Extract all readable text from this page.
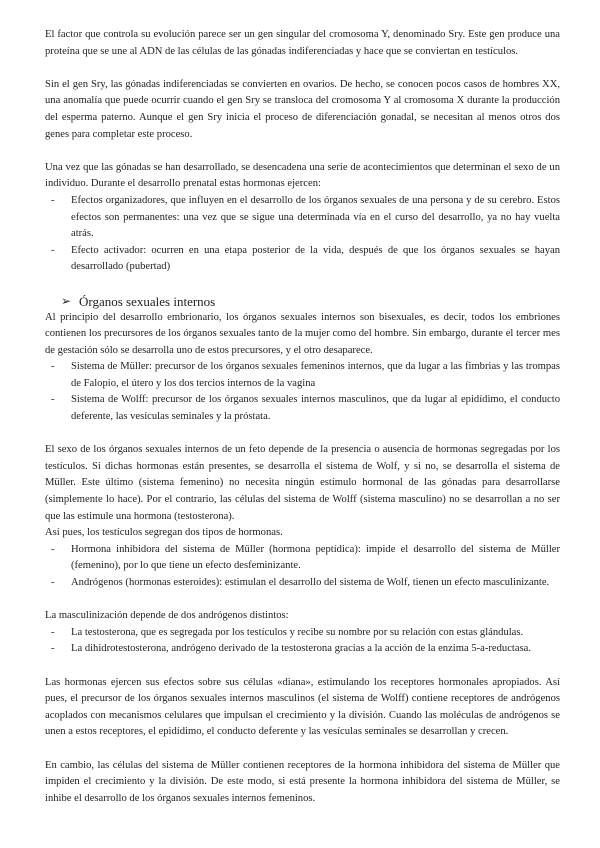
El factor que controla su evolución parece ser un gen singular del cromosoma Y, denominado Sry. Este gen produce una proteína que se une al ADN de las células de las gónadas indiferenciadas y hace que se conviertan en testículos.

Sin el gen Sry, las gónadas indiferenciadas se convierten en ovarios. De hecho, se conocen pocos casos de hombres XX, una anomalía que puede ocurrir cuando el gen Sry se transloca del cromosoma Y al cromosoma X durante la producción del esperma paterno. Aunque el gen Sry inicia el proceso de diferenciación gonadal, se necesitan al menos otros dos genes para completar este proceso.

Una vez que las gónadas se han desarrollado, se desencadena una serie de acontecimientos que determinan el sexo de un individuo. Durante el desarrollo prenatal estas hormonas ejercen:

- Efectos organizadores, que influyen en el desarrollo de los órganos sexuales de una persona y de su cerebro. Estos efectos son permanentes: una vez que se sigue una determinada vía en el curso del desarrollo, ya no hay vuelta atrás.
- Efecto activador: ocurren en una etapa posterior de la vida, después de que los órganos sexuales se hayan desarrollado (pubertad)
➢ Órganos sexuales internos

Al principio del desarrollo embrionario, los órganos sexuales internos son bisexuales, es decir, todos los embriones contienen los precursores de los órganos sexuales tanto de la mujer como del hombre. Sin embargo, durante el tercer mes de gestación sólo se desarrolla uno de estos precursores, y el otro desaparece.

- Sistema de Müller: precursor de los órganos sexuales femeninos internos, que da lugar a las fimbrias y las trompas de Falopio, el útero y los dos tercios internos de la vagina
- Sistema de Wolff: precursor de los órganos sexuales internos masculinos, que da lugar al epidídimo, el conducto deferente, las vesículas seminales y la próstata.

El sexo de los órganos sexuales internos de un feto depende de la presencia o ausencia de hormonas segregadas por los testículos. Si dichas hormonas están presentes, se desarrolla el sistema de Wolf, y si no, se desarrolla el sistema de Müller. Este último (sistema femenino) no necesita ningún estímulo hormonal de las gónadas para desarrollarse (simplemente lo hace). Por el contrario, las células del sistema de Wolff (sistema masculino) no se desarrollan a no ser que las estimule una hormona (testosterona).

Así pues, los testículos segregan dos tipos de hormonas.

- Hormona inhibidora del sistema de Müller (hormona peptídica): impide el desarrollo del sistema de Müller (femenino), por lo que tiene un efecto desfeminizante.
- Andrógenos (hormonas esteroides): estimulan el desarrollo del sistema de Wolf, tienen un efecto masculinizante.

La masculinización depende de dos andrógenos distintos:

- La testosterona, que es segregada por los testículos y recibe su nombre por su relación con estas glándulas.
- La dihidrotestosterona, andrógeno derivado de la testosterona gracias a la acción de la enzima 5-a-reductasa.

Las hormonas ejercen sus efectos sobre sus células «diana», estimulando los receptores hormonales apropiados. Así pues, el precursor de los órganos sexuales internos masculinos (el sistema de Wolff) contiene receptores de andrógenos acoplados con mecanismos celulares que impulsan el crecimiento y la división. Cuando las moléculas de andrógenos se unen a estos receptores, el epidídimo, el conducto deferente y las vesículas seminales se desarrollan y crecen.

En cambio, las células del sistema de Müller contienen receptores de la hormona inhibidora del sistema de Müller que impiden el crecimiento y la división. De este modo, si está presente la hormona inhibidora del sistema de Müller, se inhibe el desarrollo de los órganos sexuales internos femeninos.
